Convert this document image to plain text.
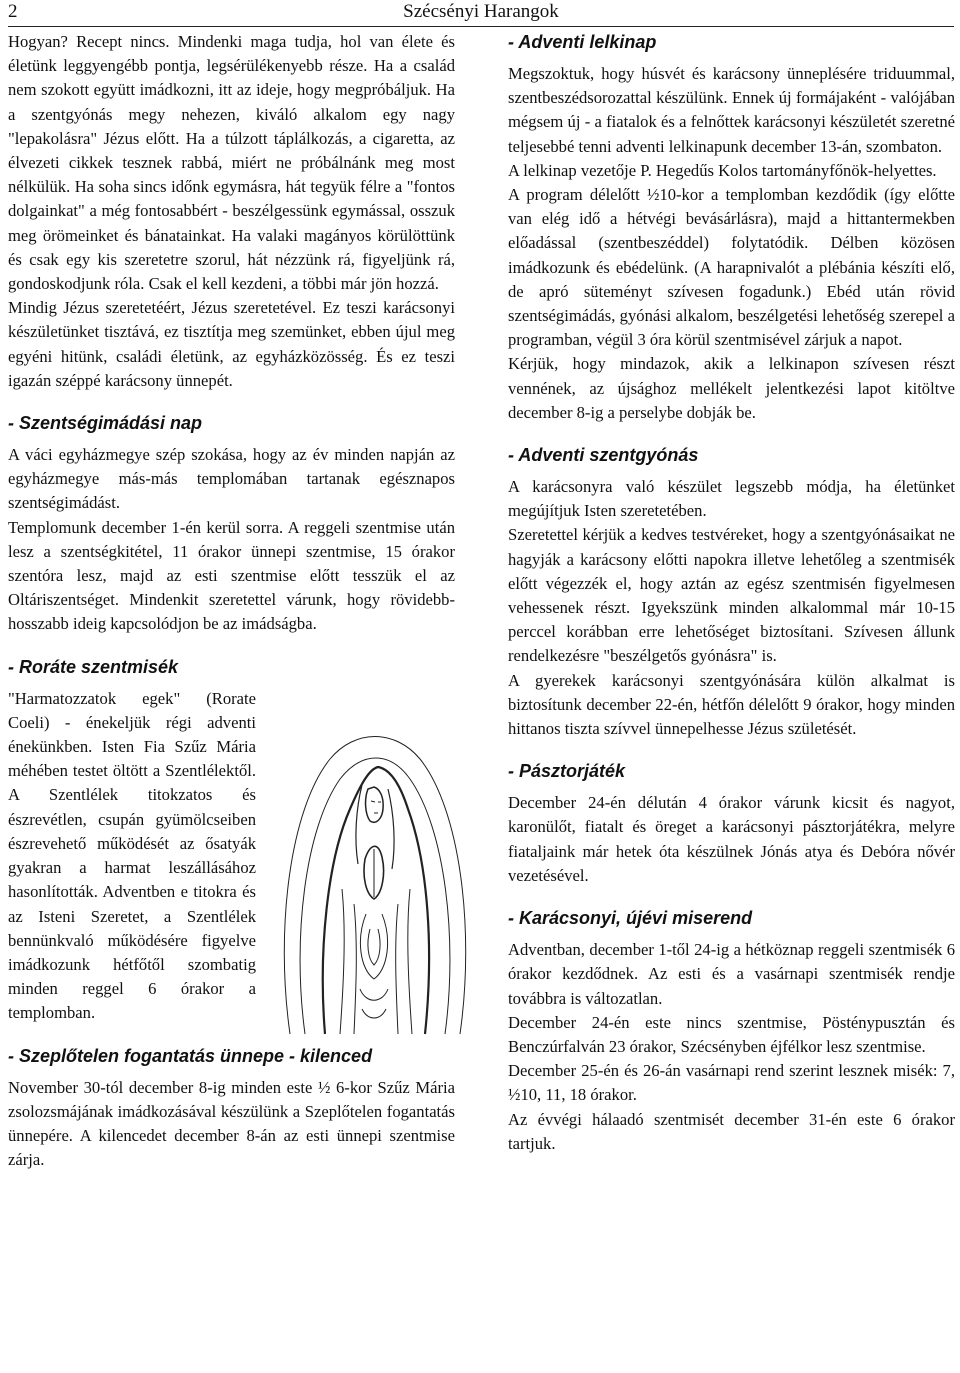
2	Szécsényi Harangok

Hogyan? Recept nincs. Mindenki maga tudja, hol van élete és életünk leggyengébb pontja, legsérülékenyebb része. Ha a család nem szokott együtt imádkozni, itt az ideje, hogy megpróbáljuk. Ha a szentgyónás megy nehezen, kiváló alkalom egy nagy "lepakolásra" Jézus előtt. Ha a túlzott táplálkozás, a cigaretta, az élvezeti cikkek tesznek rabbá, miért ne próbálnánk meg most nélkülük. Ha soha sincs időnk egymásra, hát tegyük félre a "fontos dolgainkat" a még fontosabbért - beszélgessünk egymással, osszuk meg örömeinket és bánatainkat. Ha valaki magányos körülöttünk és csak egy kis szeretetre szorul, hát nézzünk rá, figyeljünk rá, gondoskodjunk róla. Csak el kell kezdeni, a többi már jön hozzá.

Mindig Jézus szeretetéért, Jézus szeretetével. Ez teszi karácsonyi készületünket tisztává, ez tisztítja meg szemünket, ebben újul meg egyéni hitünk, családi életünk, az egyházközösség. És ez teszi igazán széppé karácsony ünnepét.

- Szentségimádási nap

A váci egyházmegye szép szokása, hogy az év minden napján az egyházmegye más-más templomában tartanak egésznapos szentségimádást.

Templomunk december 1-én kerül sorra. A reggeli szentmise után lesz a szentségkitétel, 11 órakor ünnepi szentmise, 15 órakor szentóra lesz, majd az esti szentmise előtt tesszük el az Oltáriszentséget. Mindenkit szeretettel várunk, hogy rövidebb-hosszabb ideig kapcsolódjon be az imádságba.

- Roráte szentmisék

"Harmatozzatok egek" (Rorate Coeli) - énekeljük régi adventi énekünkben. Isten Fia Szűz Mária méhében testet öltött a Szentlélektől. A Szentlélek titokzatos és észrevétlen, csupán gyümölcseiben észrevehető működését az ősatyák gyakran a harmat leszállásához hasonlították. Adventben e titokra és az Isteni Szeretet, a Szentlélek bennünkvaló működésére figyelve imádkozunk hétfőtől szombatig minden reggel 6 órakor a templomban.

- Szeplőtelen fogantatás ünnepe - kilenced

November 30-tól december 8-ig minden este ½ 6-kor Szűz Mária zsolozsmájának imádkozásával készülünk a Szeplőtelen fogantatás ünnepére. A kilencedet december 8-án az esti ünnepi szentmise zárja.

- Adventi lelkinap

Megszoktuk, hogy húsvét és karácsony ünneplésére triduummal, szentbeszédsorozattal készülünk. Ennek új formájaként - valójában mégsem új - a fiatalok és a felnőttek karácsonyi készületét szeretné teljesebbé tenni adventi lelkinapunk december 13-án, szombaton.

A lelkinap vezetője P. Hegedűs Kolos tartományfőnök-helyettes.

A program délelőtt ½10-kor a templomban kezdődik (így előtte van elég idő a hétvégi bevásárlásra), majd a hittantermekben előadással (szentbeszéddel) folytatódik. Délben közösen imádkozunk és ebédelünk. (A harapnivalót a plébánia készíti elő, de apró süteményt szívesen fogadunk.) Ebéd után rövid szentségimádás, gyónási alkalom, beszélgetési lehetőség szerepel a programban, végül 3 óra körül szentmisével zárjuk a napot.

Kérjük, hogy mindazok, akik a lelkinapon szívesen részt vennének, az újsághoz mellékelt jelentkezési lapot kitöltve december 8-ig a perselybe dobják be.

- Adventi szentgyónás

A karácsonyra való készület legszebb módja, ha életünket megújítjuk Isten szeretetében.

Szeretettel kérjük a kedves testvéreket, hogy a szentgyónásaikat ne hagyják a karácsony előtti napokra illetve lehetőleg a szentmisék előtt végezzék el, hogy aztán az egész szentmisén figyelmesen vehessenek részt. Igyekszünk minden alkalommal már 10-15 perccel korábban erre lehetőséget biztosítani. Szívesen állunk rendelkezésre "beszélgetős gyónásra" is.

A gyerekek karácsonyi szentgyónására külön alkalmat is biztosítunk december 22-én, hétfőn délelőtt 9 órakor, hogy minden hittanos tiszta szívvel ünnepelhesse Jézus születését.

- Pásztorjáték

December 24-én délután 4 órakor várunk kicsit és nagyot, karonülőt, fiatalt és öreget a karácsonyi pásztorjátékra, melyre fiataljaink már hetek óta készülnek Jónás atya és Debóra nővér vezetésével.

- Karácsonyi, újévi miserend

Adventban, december 1-től 24-ig a hétköznap reggeli szentmisék 6 órakor kezdődnek. Az esti és a vasárnapi szentmisék rendje továbbra is változatlan.

December 24-én este nincs szentmise, Pösténypusztán és Benczúrfalván 23 órakor, Szécsényben éjfélkor lesz szentmise.

December 25-én és 26-án vasárnapi rend szerint lesznek misék: 7, ½10, 11, 18 órakor.

Az évvégi hálaadó szentmisét december 31-én este 6 órakor tartjuk.
